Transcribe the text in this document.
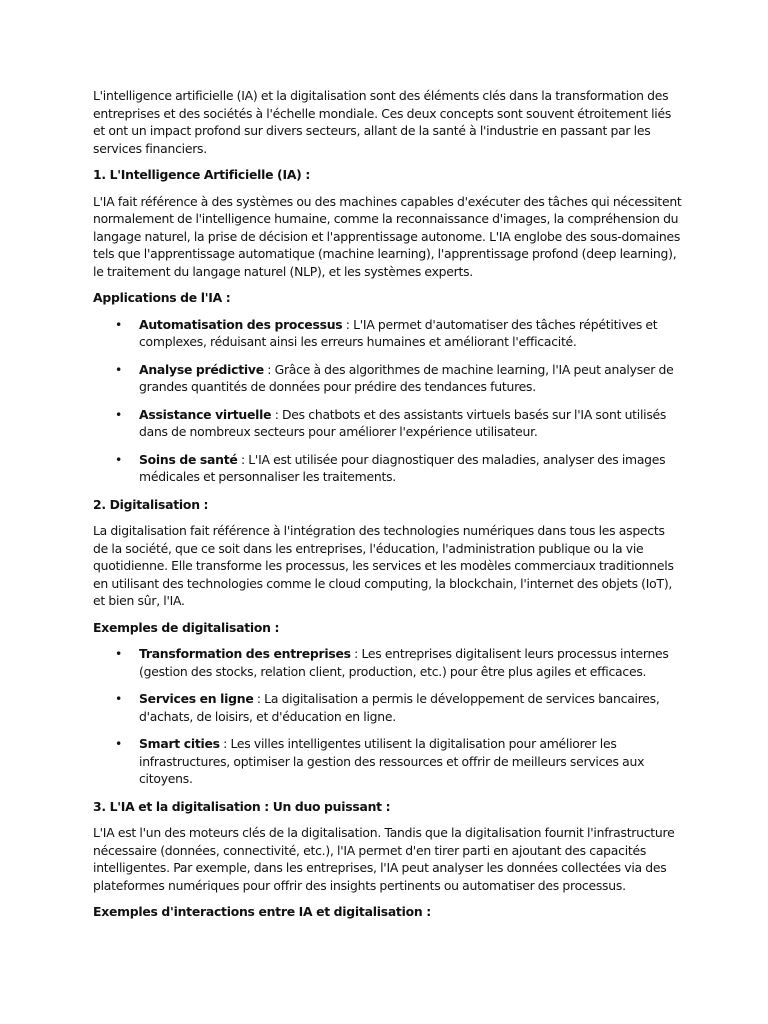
L'intelligence artificielle (IA) et la digitalisation sont des éléments clés dans la transformation des entreprises et des sociétés à l'échelle mondiale. Ces deux concepts sont souvent étroitement liés et ont un impact profond sur divers secteurs, allant de la santé à l'industrie en passant par les services financiers.

1. L'Intelligence Artificielle (IA) :

L'IA fait référence à des systèmes ou des machines capables d'exécuter des tâches qui nécessitent normalement de l'intelligence humaine, comme la reconnaissance d'images, la compréhension du langage naturel, la prise de décision et l'apprentissage autonome. L'IA englobe des sous-domaines tels que l'apprentissage automatique (machine learning), l'apprentissage profond (deep learning), le traitement du langage naturel (NLP), et les systèmes experts.

Applications de l'IA :

• Automatisation des processus : L'IA permet d'automatiser des tâches répétitives et complexes, réduisant ainsi les erreurs humaines et améliorant l'efficacité.
• Analyse prédictive : Grâce à des algorithmes de machine learning, l'IA peut analyser de grandes quantités de données pour prédire des tendances futures.
• Assistance virtuelle : Des chatbots et des assistants virtuels basés sur l'IA sont utilisés dans de nombreux secteurs pour améliorer l'expérience utilisateur.
• Soins de santé : L'IA est utilisée pour diagnostiquer des maladies, analyser des images médicales et personnaliser les traitements.

2. Digitalisation :

La digitalisation fait référence à l'intégration des technologies numériques dans tous les aspects de la société, que ce soit dans les entreprises, l'éducation, l'administration publique ou la vie quotidienne. Elle transforme les processus, les services et les modèles commerciaux traditionnels en utilisant des technologies comme le cloud computing, la blockchain, l'internet des objets (IoT), et bien sûr, l'IA.

Exemples de digitalisation :

• Transformation des entreprises : Les entreprises digitalisent leurs processus internes (gestion des stocks, relation client, production, etc.) pour être plus agiles et efficaces.
• Services en ligne : La digitalisation a permis le développement de services bancaires, d'achats, de loisirs, et d'éducation en ligne.
• Smart cities : Les villes intelligentes utilisent la digitalisation pour améliorer les infrastructures, optimiser la gestion des ressources et offrir de meilleurs services aux citoyens.

3. L'IA et la digitalisation : Un duo puissant :

L'IA est l'un des moteurs clés de la digitalisation. Tandis que la digitalisation fournit l'infrastructure nécessaire (données, connectivité, etc.), l'IA permet d'en tirer parti en ajoutant des capacités intelligentes. Par exemple, dans les entreprises, l'IA peut analyser les données collectées via des plateformes numériques pour offrir des insights pertinents ou automatiser des processus.

Exemples d'interactions entre IA et digitalisation :
